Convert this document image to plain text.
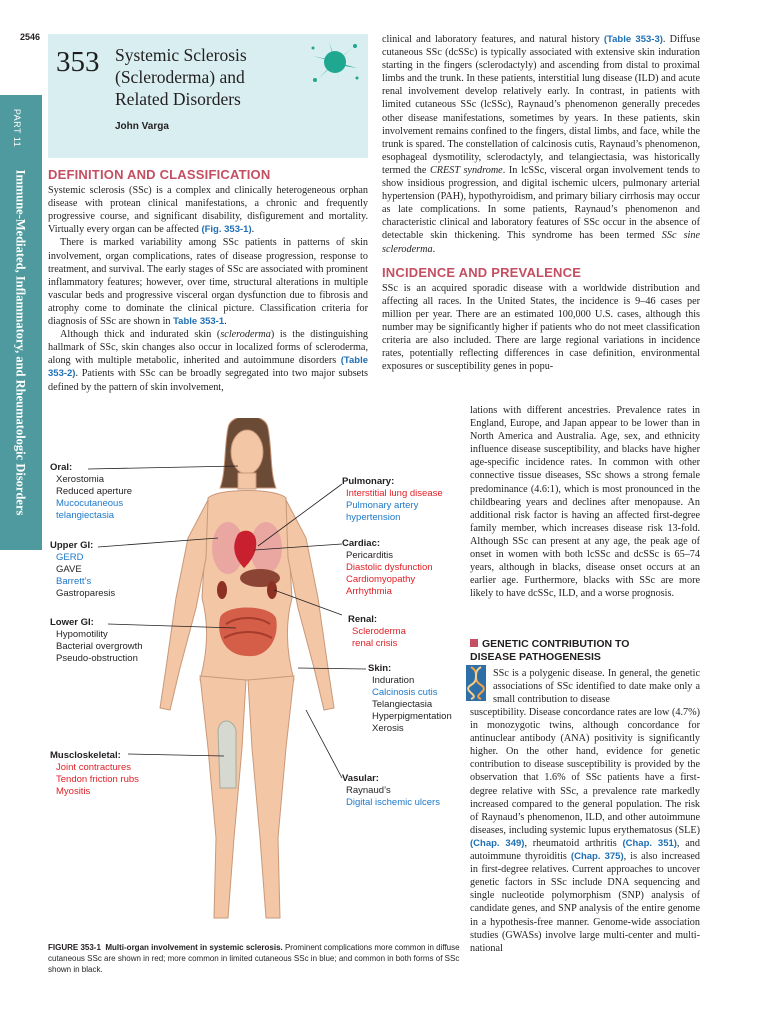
2546
PART 11
Immune-Mediated, Inflammatory, and Rheumatologic Disorders
353 Systemic Sclerosis
(Scleroderma) and
Related Disorders
John Varga
DEFINITION AND CLASSIFICATION

Systemic sclerosis (SSc) is a complex and clinically heterogeneous orphan disease with protean clinical manifestations, a chronic and frequently progressive course, and significant disability, disfigurement and mortality. Virtually every organ can be affected (Fig. 353-1).

There is marked variability among SSc patients in patterns of skin involvement, organ complications, rates of disease progression, response to treatment, and survival. The early stages of SSc are associated with prominent inflammatory features; however, over time, structural alterations in multiple vascular beds and progressive visceral organ dysfunction due to fibrosis and atrophy come to dominate the clinical picture. Classification criteria for diagnosis of SSc are shown in Table 353-1.

Although thick and indurated skin (scleroderma) is the distinguishing hallmark of SSc, skin changes also occur in localized forms of scleroderma, along with multiple metabolic, inherited and autoimmune disorders (Table 353-2). Patients with SSc can be broadly segregated into two major subsets defined by the pattern of skin involvement,

clinical and laboratory features, and natural history (Table 353-3). Diffuse cutaneous SSc (dcSSc) is typically associated with extensive skin induration starting in the fingers (sclerodactyly) and ascending from distal to proximal limbs and the trunk. In these patients, interstitial lung disease (ILD) and acute renal involvement develop relatively early. In contrast, in patients with limited cutaneous SSc (lcSSc), Raynaud’s phenomenon generally precedes other disease manifestations, sometimes by years. In these patients, skin involvement remains confined to the fingers, distal limbs, and face, while the trunk is spared. The constellation of calcinosis cutis, Raynaud’s phenomenon, esophageal dysmotility, sclerodactyly, and telangiectasia, was historically termed the CREST syndrome. In lcSSc, visceral organ involvement tends to show insidious progression, and digital ischemic ulcers, pulmonary arterial hypertension (PAH), hypothyroidism, and primary biliary cirrhosis may occur as late complications. In some patients, Raynaud’s phenomenon and characteristic clinical and laboratory features of SSc occur in the absence of detectable skin thickening. This syndrome has been termed SSc sine scleroderma.

INCIDENCE AND PREVALENCE

SSc is an acquired sporadic disease with a worldwide distribution and affecting all races. In the United States, the incidence is 9–46 cases per million per year. There are an estimated 100,000 U.S. cases, although this number may be significantly higher if patients who do not meet classification criteria are also included. There are large regional variations in incidence rates, potentially reflecting differences in case definition, environmental exposures or susceptibility genes in popu-

lations with different ancestries. Prevalence rates in England, Europe, and Japan appear to be lower than in North America and Australia. Age, sex, and ethnicity influence disease susceptibility, and blacks have higher age-specific incidence rates. In common with other connective tissue diseases, SSc shows a strong female predominance (4.6:1), which is most pronounced in the childbearing years and declines after menopause. An additional risk factor is having an affected first-degree family member, which increases disease risk 13-fold. Although SSc can present at any age, the peak age of onset in women with both lcSSc and dcSSc is 65–74 years, although in blacks, disease onset occurs at an earlier age. Furthermore, blacks with SSc are more likely to have dcSSc, ILD, and a worse prognosis.

GENETIC CONTRIBUTION TO
DISEASE PATHOGENESIS

SSc is a polygenic disease. In general, the genetic associations of SSc identified to date make only a small contribution to disease

susceptibility. Disease concordance rates are low (4.7%) in monozygotic twins, although concordance for antinuclear antibody (ANA) positivity is significantly higher. On the other hand, evidence for genetic contribution to disease susceptibility is provided by the observation that 1.6% of SSc patients have a first-degree relative with SSc, a prevalence rate markedly increased compared to the general population. The risk of Raynaud’s phenomenon, ILD, and other autoimmune diseases, including systemic lupus erythematosus (SLE) (Chap. 349), rheumatoid arthritis (Chap. 351), and autoimmune thyroiditis (Chap. 375), is also increased in first-degree relatives. Current approaches to uncover genetic factors in SSc include DNA sequencing and single nucleotide polymorphism (SNP) analysis of candidate genes, and SNP analysis of the entire genome in a hypothesis-free manner. Genome-wide association studies (GWASs) involve large multi-center and multi-national

Oral:
Xerostomia
Reduced aperture
Mucocutaneous
telangiectasia
Upper GI:
GERD
GAVE
Barrett’s
Gastroparesis
Lower GI:
Hypomotility
Bacterial overgrowth
Pseudo-obstruction
Muscloskeletal:
Joint contractures
Tendon friction rubs
Myositis
Pulmonary:
Interstitial lung disease
Pulmonary artery
hypertension
Cardiac:
Pericarditis
Diastolic dysfunction
Cardiomyopathy
Arrhythmia
Renal:
Scleroderma
renal crisis
Skin:
Induration
Calcinosis cutis
Telangiectasia
Hyperpigmentation
Xerosis
Vasular:
Raynaud’s
Digital ischemic ulcers
FIGURE 353-1 Multi-organ involvement in systemic sclerosis. Prominent complications more common in diffuse cutaneous SSc are shown in red; more common in limited cutaneous SSc in blue; and common in both forms of SSc shown in black.
